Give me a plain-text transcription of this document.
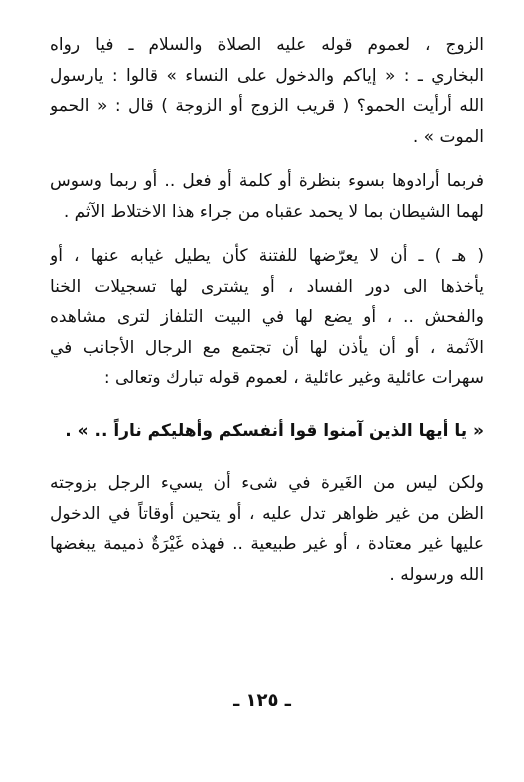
الزوج ، لعموم قوله عليه الصلاة والسلام ـ فيا رواه
البخاري ـ : « إياكم والدخول على النساء » قالوا : يارسول
الله أرأيت الحمو؟ ( قريب الزوج أو الزوجة ) قال : « الحمو
الموت » .
فربما أرادوها بسوء بنظرة أو كلمة أو فعل .. أو ربما وسوس
لهما الشيطان بما لا يحمد عقباه من جراء هذا الاختلاط الآثم .
( هـ ) ـ أن لا يعرّضها للفتنة كأن يطيل غيابه عنها ، أو
يأخذها الى دور الفساد ، أو يشترى لها تسجيلات الخنا
والفحش .. ، أو يضع لها في البيت التلفاز لترى مشاهده
الآثمة ، أو أن يأذن لها أن تجتمع مع الرجال الأجانب في
سهرات عائلية وغير عائلية ، لعموم قوله تبارك وتعالى :
« يا أيها الذين آمنوا قوا أنفسكم وأهليكم ناراً .. » .
ولكن ليس من الغَيرة في شىء أن يسيء الرجل بزوجته
الظن من غير ظواهر تدل عليه ، أو يتحين أوقاتاً في الدخول
عليها غير معتادة ، أو غير طبيعية .. فهذه غَيْرَةٌ ذميمة يبغضها
الله ورسوله .
ـ ١٢٥ ـ
